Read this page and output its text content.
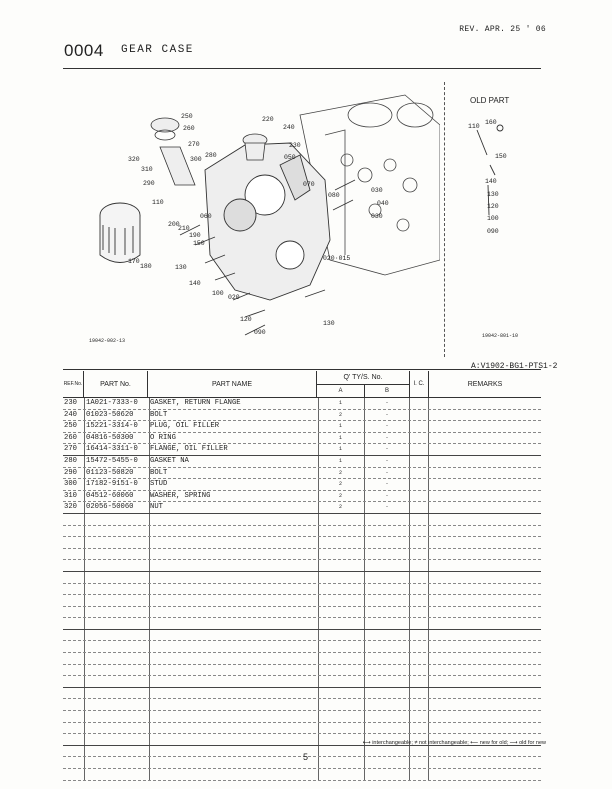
REV. APR. 25 ' 06
0004 GEAR CASE
250
260
270
280
300
320
310
290
220
240
230
050
070
080
030
060
040
030
110
200
210
190
150
170
180	130
140
100
020
020·015
120
130
090
19042-002-13
OLD PART
110
160
150
140
130
120
100
090
19042-801-10
A:V1902-BG1-PTS1-2
REF.No.	PART No.	PART NAME
Q' TY/S. No.
A	B
I. C.	REMARKS
230	1A021-7333-0	GASKET, RETURN FLANGE	1	-
240	01023-50620	BOLT	2	-
250	15221-3314-0	PLUG, OIL FILLER	1	-
260	04816-50300	O RING	1	-
270	16414-3311-0	FLANGE, OIL FILLER	1	-
280	15472-5455-0	GASKET NA	1	-
290	01123-50820	BOLT	2	-
300	17182-9151-0	STUD	2	-
310	04512-60060	WASHER, SPRING	2	-
320	02056-50060	NUT	2	-
⟷ interchangeable; ≠ not interchangeable; ⟵ new for old; ⟶ old for new
5
